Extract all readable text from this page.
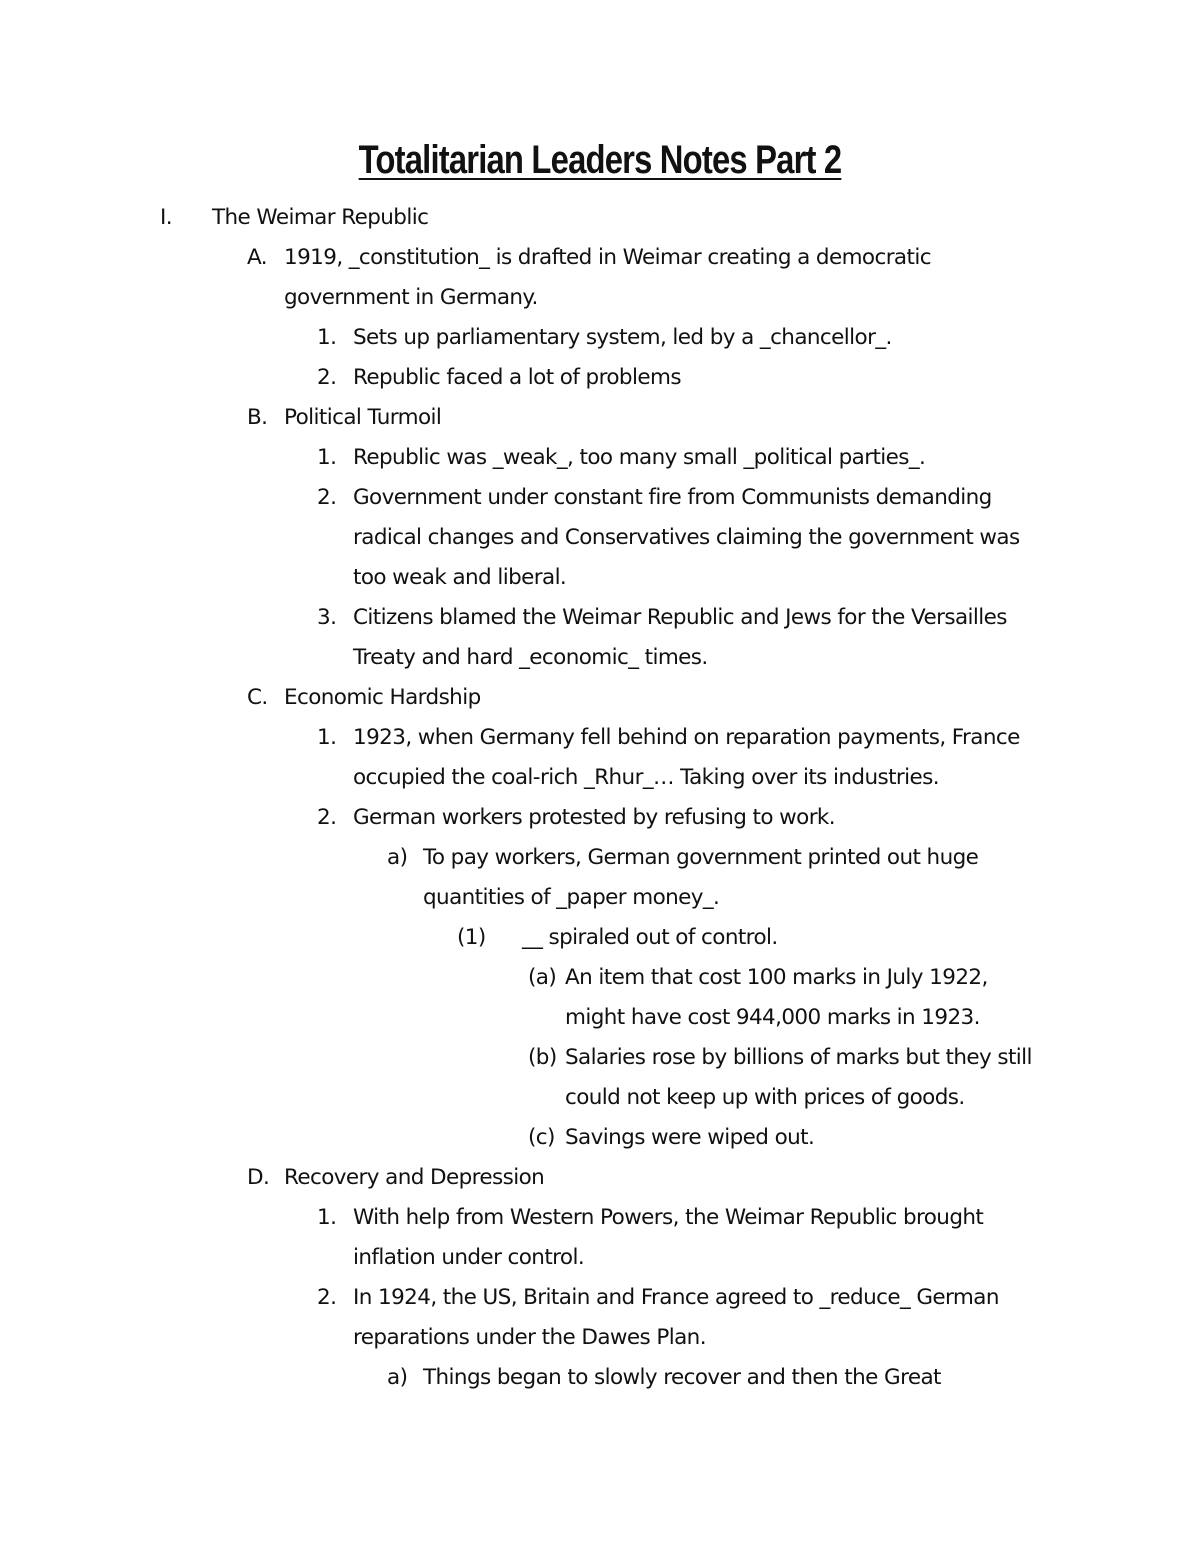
Totalitarian Leaders Notes Part 2
I. The Weimar Republic
A. 1919, _constitution_ is drafted in Weimar creating a democratic
government in Germany.
1. Sets up parliamentary system, led by a _chancellor_.
2. Republic faced a lot of problems
B. Political Turmoil
1. Republic was _weak_, too many small _political parties_.
2. Government under constant fire from Communists demanding
radical changes and Conservatives claiming the government was
too weak and liberal.
3. Citizens blamed the Weimar Republic and Jews for the Versailles
Treaty and hard _economic_ times.
C. Economic Hardship
1. 1923, when Germany fell behind on reparation payments, France
occupied the coal-rich _Rhur_… Taking over its industries.
2. German workers protested by refusing to work.
a) To pay workers, German government printed out huge
quantities of _paper money_.
(1) __ spiraled out of control.
(a) An item that cost 100 marks in July 1922,
might have cost 944,000 marks in 1923.
(b) Salaries rose by billions of marks but they still
could not keep up with prices of goods.
(c) Savings were wiped out.
D. Recovery and Depression
1. With help from Western Powers, the Weimar Republic brought
inflation under control.
2. In 1924, the US, Britain and France agreed to _reduce_ German
reparations under the Dawes Plan.
a) Things began to slowly recover and then the Great
